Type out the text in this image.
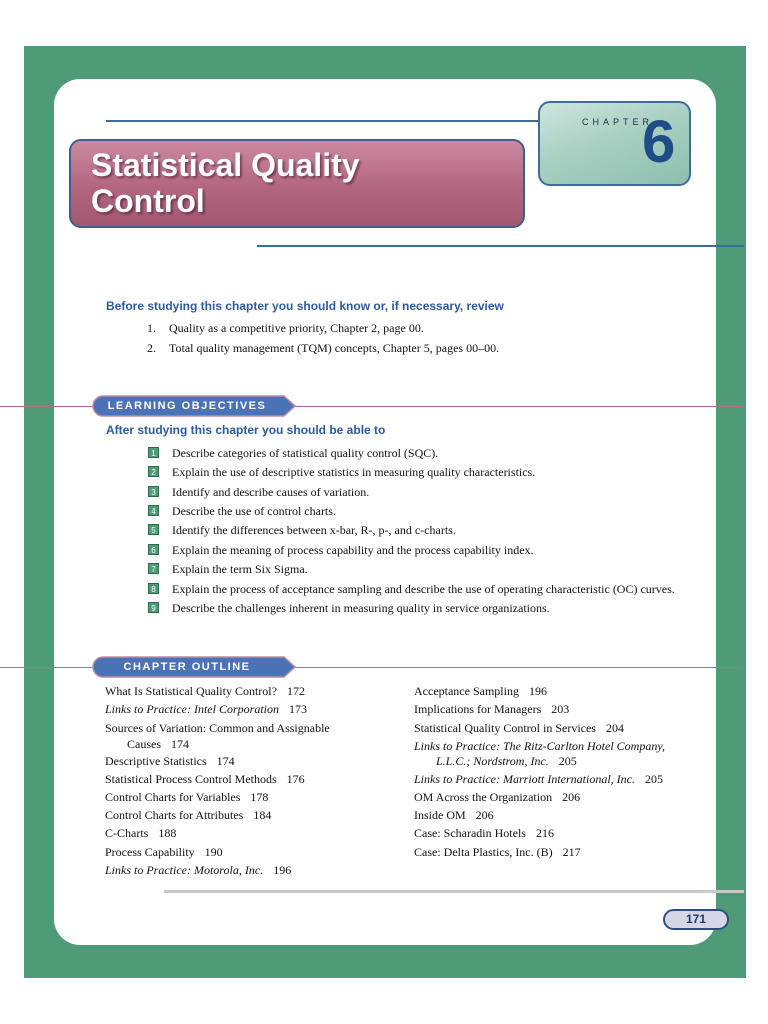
CHAPTER
6
Statistical Quality
Control
Before studying this chapter you should know or, if necessary, review
1. Quality as a competitive priority, Chapter 2, page 00.
2. Total quality management (TQM) concepts, Chapter 5, pages 00–00.
LEARNING OBJECTIVES
After studying this chapter you should be able to
1 Describe categories of statistical quality control (SQC).
2 Explain the use of descriptive statistics in measuring quality characteristics.
3 Identify and describe causes of variation.
4 Describe the use of control charts.
5 Identify the differences between x-bar, R-, p-, and c-charts.
6 Explain the meaning of process capability and the process capability index.
7 Explain the term Six Sigma.
8 Explain the process of acceptance sampling and describe the use of operating characteristic (OC) curves.
9 Describe the challenges inherent in measuring quality in service organizations.
CHAPTER OUTLINE
What Is Statistical Quality Control? 172
Links to Practice: Intel Corporation 173
Sources of Variation: Common and Assignable
Causes 174
Descriptive Statistics 174
Statistical Process Control Methods 176
Control Charts for Variables 178
Control Charts for Attributes 184
C-Charts 188
Process Capability 190
Links to Practice: Motorola, Inc. 196
Acceptance Sampling 196
Implications for Managers 203
Statistical Quality Control in Services 204
Links to Practice: The Ritz-Carlton Hotel Company,
L.L.C.; Nordstrom, Inc. 205
Links to Practice: Marriott International, Inc. 205
OM Across the Organization 206
Inside OM 206
Case: Scharadin Hotels 216
Case: Delta Plastics, Inc. (B) 217
171
